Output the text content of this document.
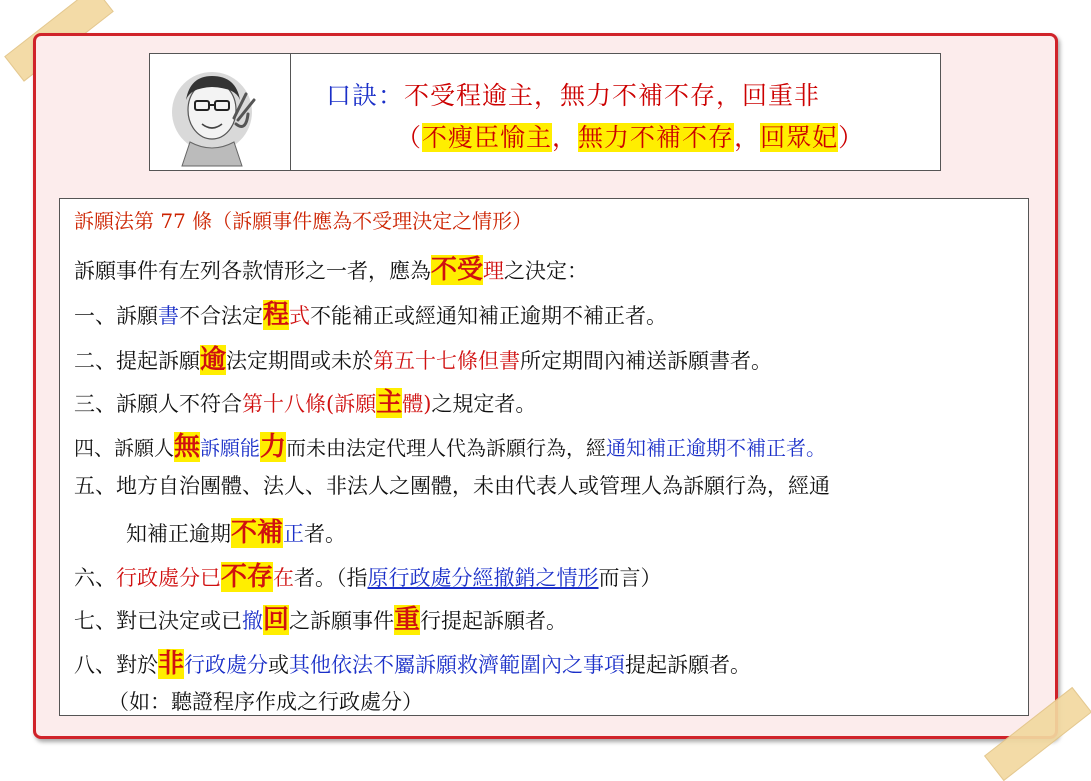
口訣：不受程逾主，無力不補不存，回重非
（不瘦臣愉主，無力不補不存，回眾妃）
訴願法第 77 條（訴願事件應為不受理決定之情形）
訴願事件有左列各款情形之一者，應為不受理之決定：
一、訴願書不合法定程式不能補正或經通知補正逾期不補正者。
二、提起訴願逾法定期間或未於第五十七條但書所定期間內補送訴願書者。
三、訴願人不符合第十八條(訴願主體)之規定者。
四、訴願人無訴願能力而未由法定代理人代為訴願行為，經通知補正逾期不補正者。
五、地方自治團體、法人、非法人之團體，未由代表人或管理人為訴願行為，經通
知補正逾期不補正者。
六、行政處分已不存在者。（指原行政處分經撤銷之情形而言）
七、對已決定或已撤回之訴願事件重行提起訴願者。
八、對於非行政處分或其他依法不屬訴願救濟範圍內之事項提起訴願者。
（如：聽證程序作成之行政處分）
